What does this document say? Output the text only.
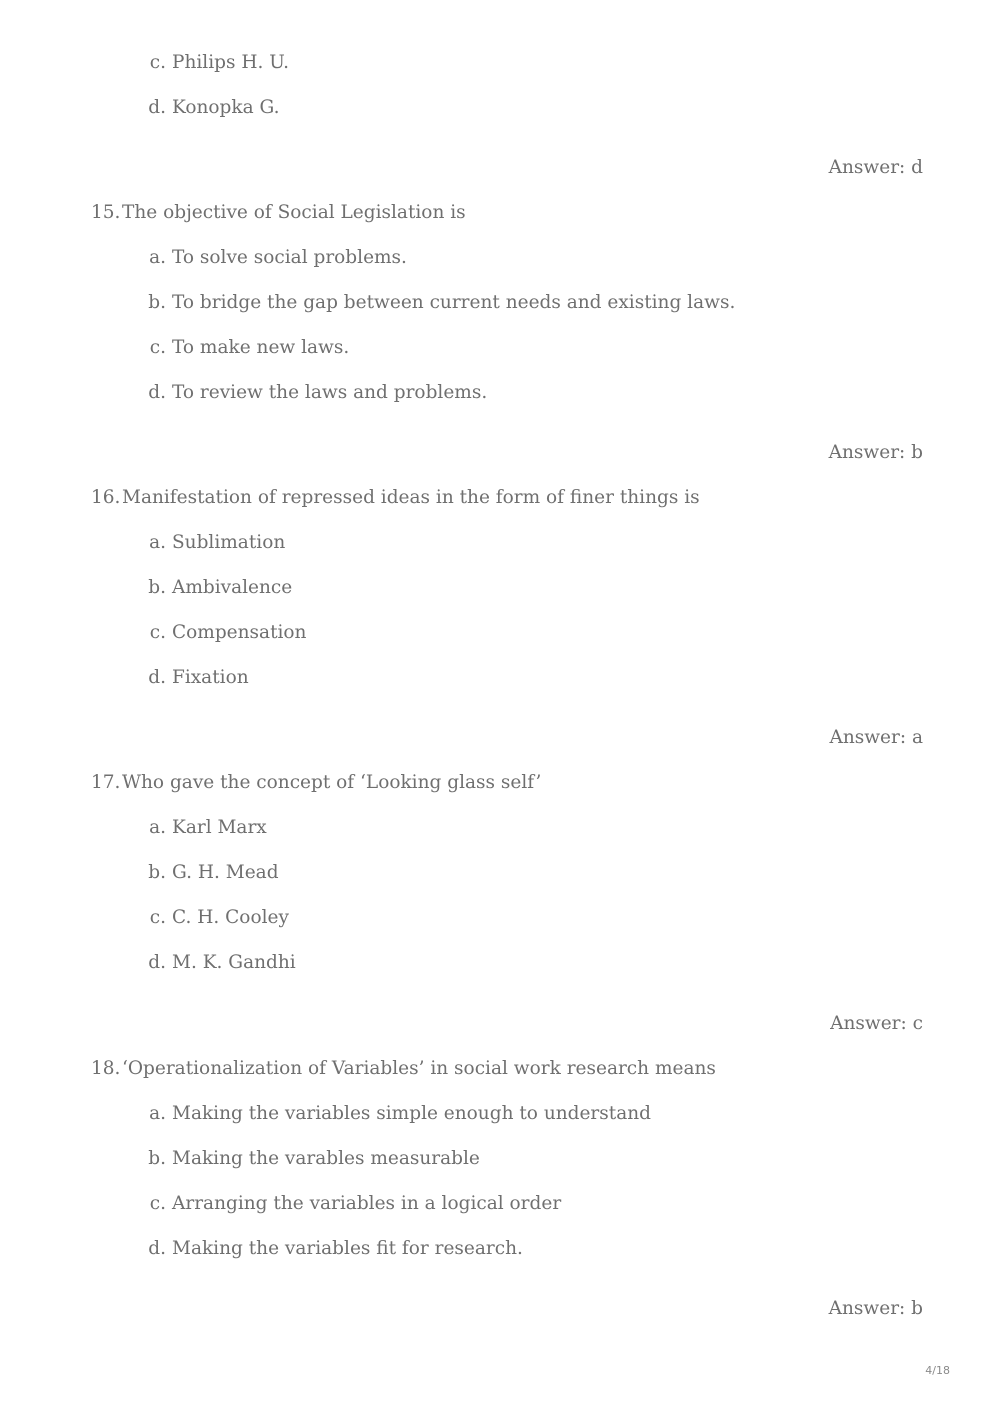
c. Philips H. U.
d. Konopka G.
Answer: d
15. The objective of Social Legislation is
a. To solve social problems.
b. To bridge the gap between current needs and existing laws.
c. To make new laws.
d. To review the laws and problems.
Answer: b
16. Manifestation of repressed ideas in the form of finer things is
a. Sublimation
b. Ambivalence
c. Compensation
d. Fixation
Answer: a
17. Who gave the concept of ‘Looking glass self’
a. Karl Marx
b. G. H. Mead
c. C. H. Cooley
d. M. K. Gandhi
Answer: c
18. ‘Operationalization of Variables’ in social work research means
a. Making the variables simple enough to understand
b. Making the varables measurable
c. Arranging the variables in a logical order
d. Making the variables fit for research.
Answer: b
4/18
